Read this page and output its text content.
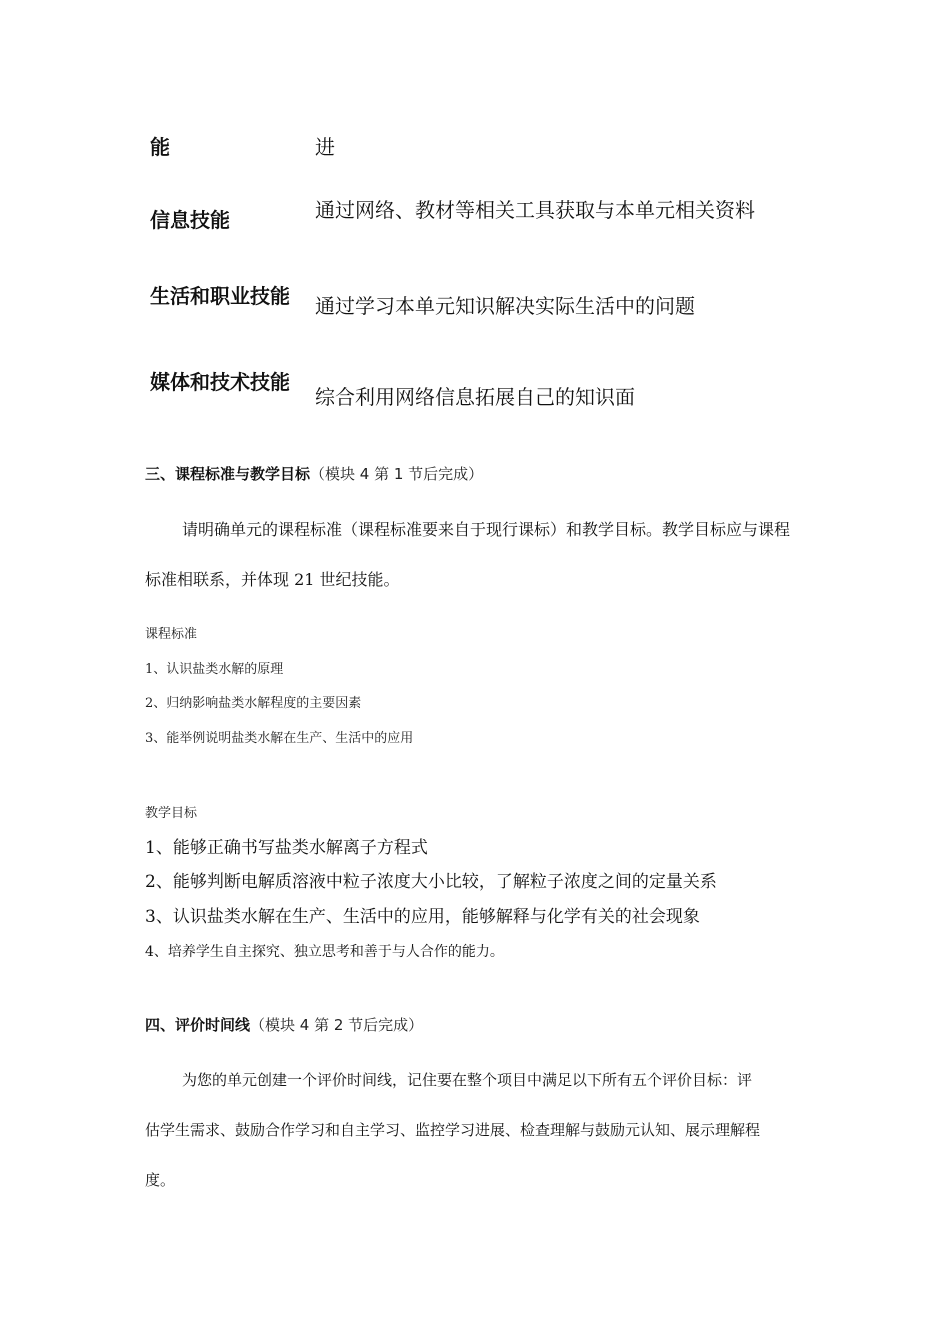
能	进
信息技能	通过网络、教材等相关工具获取与本单元相关资料
生活和职业技能 通过学习本单元知识解决实际生活中的问题
媒体和技术技能
综合利用网络信息拓展自己的知识面
三、课程标准与教学目标（模块 4 第 1 节后完成）
请明确单元的课程标准（课程标准要来自于现行课标）和教学目标。教学目标应与课程
标准相联系，并体现 21 世纪技能。
课程标准
1、认识盐类水解的原理
2、归纳影响盐类水解程度的主要因素
3、能举例说明盐类水解在生产、生活中的应用
教学目标
1、能够正确书写盐类水解离子方程式
2、能够判断电解质溶液中粒子浓度大小比较，了解粒子浓度之间的定量关系
3、认识盐类水解在生产、生活中的应用，能够解释与化学有关的社会现象
4、培养学生自主探究、独立思考和善于与人合作的能力。
四、评价时间线（模块 4 第 2 节后完成）
为您的单元创建一个评价时间线，记住要在整个项目中满足以下所有五个评价目标：评
估学生需求、鼓励合作学习和自主学习、监控学习进展、检查理解与鼓励元认知、展示理解程
度。
